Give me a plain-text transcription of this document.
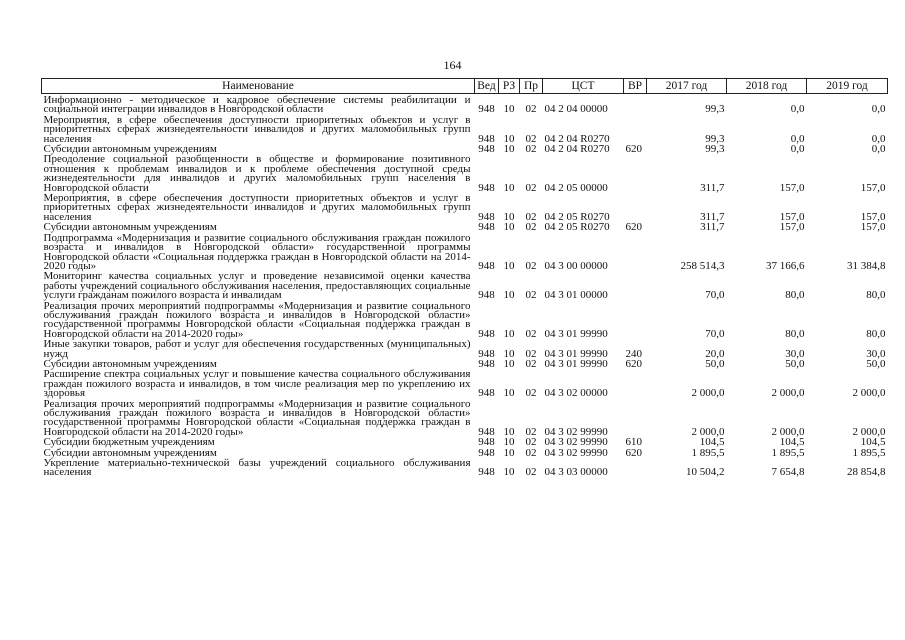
164
Наименование	Вед	РЗ	Пр	ЦСТ	ВР	2017 год	2018 год	2019 год
Информационно - методическое и кадровое обеспечение системы реабилитации и социальной интеграции инвалидов в Новгородской области	948	10	02	04 2 04 00000		99,3	0,0	0,0
Мероприятия, в сфере обеспечения доступности приоритетных объектов и услуг в приоритетных сферах жизнедеятельности инвалидов и других маломобильных групп населения	948	10	02	04 2 04 R0270		99,3	0,0	0,0
Субсидии автономным учреждениям	948	10	02	04 2 04 R0270	620	99,3	0,0	0,0
Преодоление социальной разобщенности в обществе и формирование позитивного отношения к проблемам инвалидов и к проблеме обеспечения доступной среды жизнедеятельности для инвалидов и других маломобильных групп населения в Новгородской области	948	10	02	04 2 05 00000		311,7	157,0	157,0
Мероприятия, в сфере обеспечения доступности приоритетных объектов и услуг в приоритетных сферах жизнедеятельности инвалидов и других маломобильных групп населения	948	10	02	04 2 05 R0270		311,7	157,0	157,0
Субсидии автономным учреждениям	948	10	02	04 2 05 R0270	620	311,7	157,0	157,0
Подпрограмма «Модернизация и развитие социального обслуживания граждан пожилого возраста и инвалидов в Новгородской области» государственной программы Новгородской области «Социальная поддержка граждан в Новгородской области на 2014-2020 годы»	948	10	02	04 3 00 00000		258 514,3	37 166,6	31 384,8
Мониторинг качества социальных услуг и проведение независимой оценки качества работы учреждений социального обслуживания населения, предоставляющих социальные услуги гражданам пожилого возраста и инвалидам	948	10	02	04 3 01 00000		70,0	80,0	80,0
Реализация прочих мероприятий подпрограммы «Модернизация и развитие социального обслуживания граждан пожилого возраста и инвалидов в Новгородской области» государственной программы Новгородской области «Социальная поддержка граждан в Новгородской области на 2014-2020 годы»	948	10	02	04 3 01 99990		70,0	80,0	80,0
Иные закупки товаров, работ и услуг для обеспечения государственных (муниципальных) нужд	948	10	02	04 3 01 99990	240	20,0	30,0	30,0
Субсидии автономным учреждениям	948	10	02	04 3 01 99990	620	50,0	50,0	50,0
Расширение спектра социальных услуг и повышение качества социального обслуживания граждан пожилого возраста и инвалидов, в том числе реализация мер по укреплению их здоровья	948	10	02	04 3 02 00000		2 000,0	2 000,0	2 000,0
Реализация прочих мероприятий подпрограммы «Модернизация и развитие социального обслуживания граждан пожилого возраста и инвалидов в Новгородской области» государственной программы Новгородской области «Социальная поддержка граждан в Новгородской области на 2014-2020 годы»	948	10	02	04 3 02 99990		2 000,0	2 000,0	2 000,0
Субсидии бюджетным учреждениям	948	10	02	04 3 02 99990	610	104,5	104,5	104,5
Субсидии автономным учреждениям	948	10	02	04 3 02 99990	620	1 895,5	1 895,5	1 895,5
Укрепление материально-технической базы учреждений социального обслуживания населения	948	10	02	04 3 03 00000		10 504,2	7 654,8	28 854,8
